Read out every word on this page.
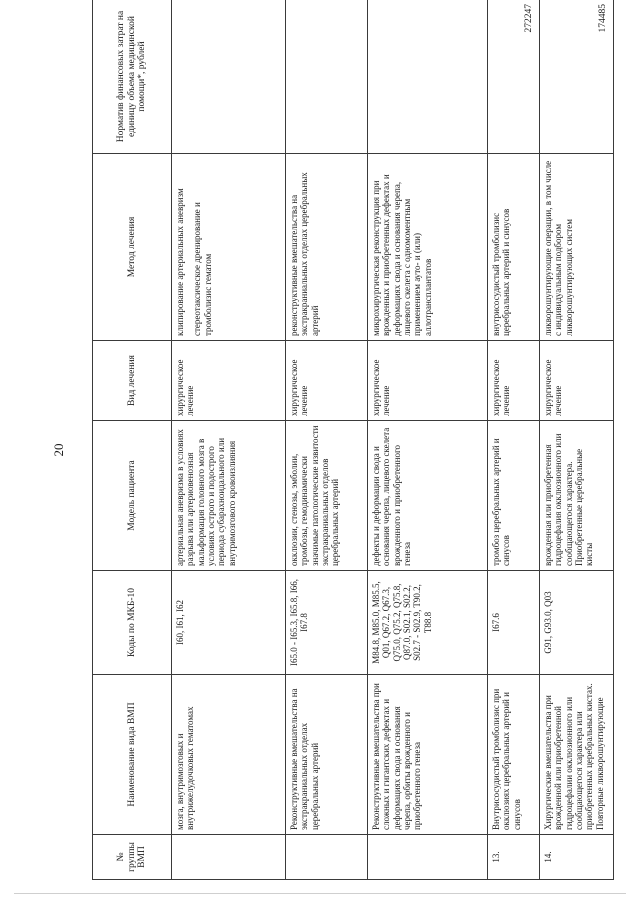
20
№ группы ВМП	Наименование вида ВМП	Коды по МКБ-10	Модель пациента	Вид лечения	Метод лечения	Норматив финансовых затрат на единицу объема медицинской помощи*, рублей
	мозга, внутримозговых и внутрижелудочковых гематомах	I60, I61, I62	артериальная аневризма в условиях разрыва или артериовенозная мальформация головного мозга в условиях острого и подострого периода субарахноидального или внутримозгового кровоизлияния	хирургическое лечение	клипирование артериальных аневризм стереотаксическое дренирование и тромболизис гематом	

	Реконструктивные вмешательства на экстракраниальных отделах церебральных артерий	I65.0 - I65.3, I65.8, I66, I67.8	окклюзии, стенозы, эмболии, тромбозы, гемодинамически значимые патологические извитости экстракраниальных отделов церебральных артерий	хирургическое лечение	реконструктивные вмешательства на экстракраниальных отделах церебральных артерий	

	Реконструктивные вмешательства при сложных и гигантских дефектах и деформациях свода и основания черепа, орбиты врожденного и приобретенного генеза	M84.8, M85.0, M85.5, Q01, Q67.2, Q67.3, Q75.0, Q75.2, Q75.8, Q87.0, S02.1, S02.2, S02.7 - S02.9, T90.2, T88.8	дефекты и деформации свода и основания черепа, лицевого скелета врожденного и приобретенного генеза	хирургическое лечение	микрохирургическая реконструкция при врожденных и приобретенных дефектах и деформациях свода и основания черепа, лицевого скелета с одномоментным применением ауто- и (или) аллотрансплантатов	

13.	Внутрисосудистый тромболизис при окклюзиях церебральных артерий и синусов	I67.6	тромбоз церебральных артерий и синусов	хирургическое лечение	внутрисосудистый тромболизис церебральных артерий и синусов	272247
14.	Хирургические вмешательства при врожденной или приобретенной гидроцефалии окклюзионного или сообщающегося характера или приобретенных церебральных кистах. Повторные ликворошунтирующие	G91, G93.0, Q03	врожденная или приобретенная гидроцефалия окклюзионного или сообщающегося характера. Приобретенные церебральные кисты	хирургическое лечение	ликворошунтирующие операции, в том числе с индивидуальным подбором ликворошунтирующих систем	174485
